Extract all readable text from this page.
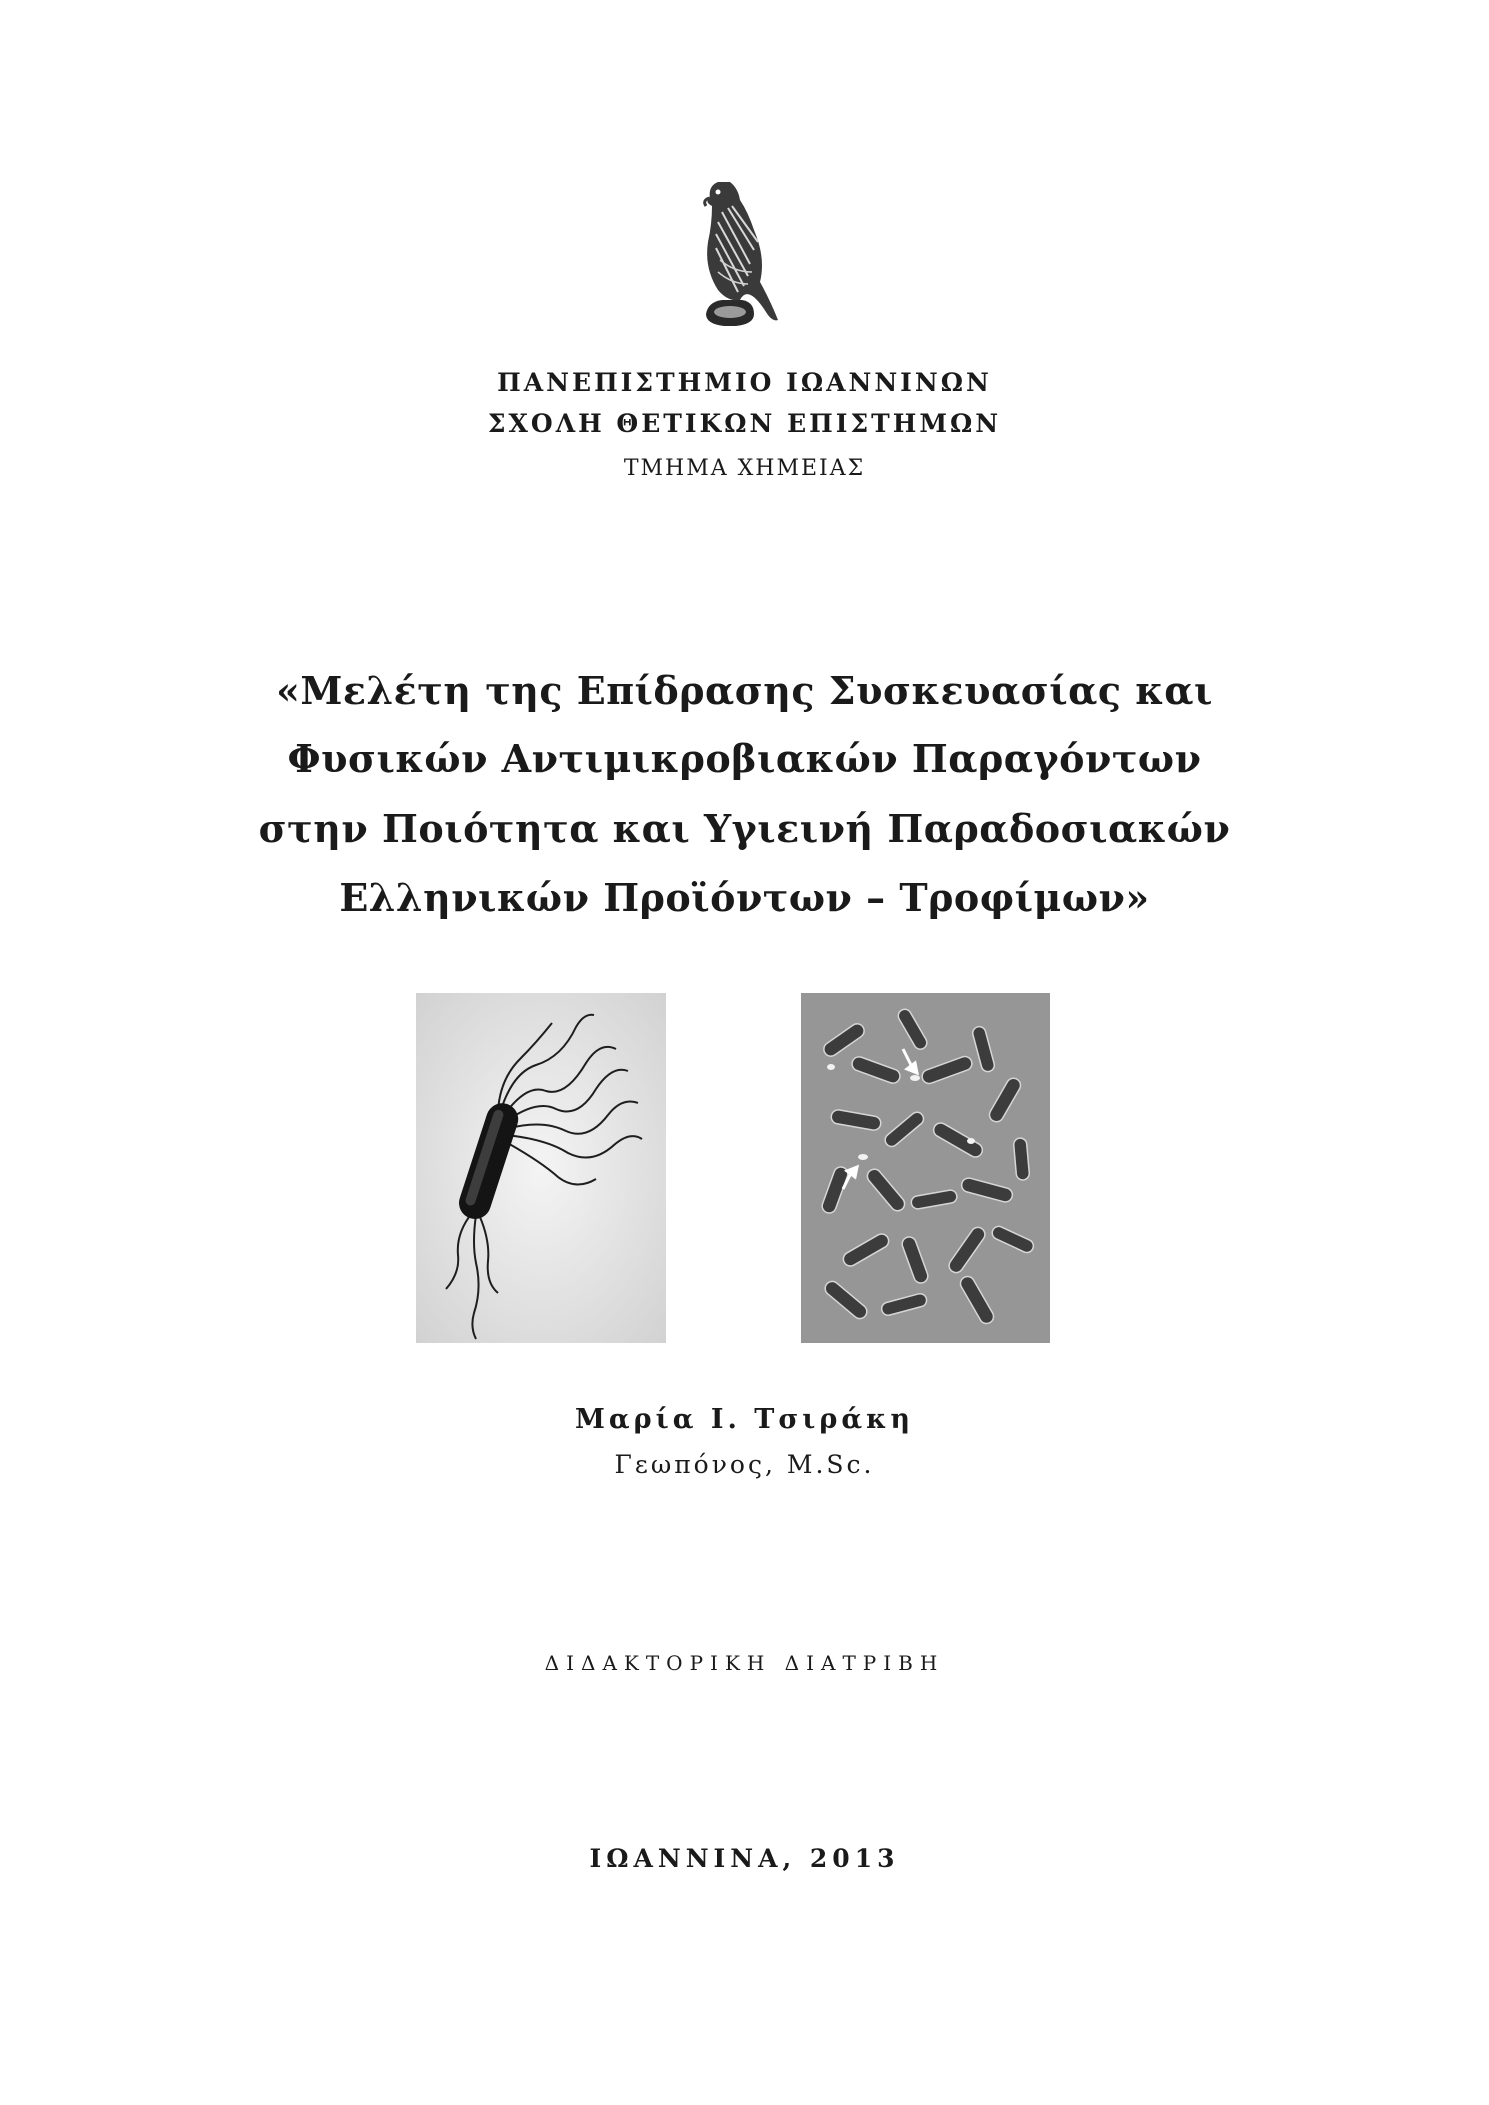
ΠΑΝΕΠΙΣΤΗΜΙΟ ΙΩΑΝΝΙΝΩΝ
ΣΧΟΛΗ ΘΕΤΙΚΩΝ ΕΠΙΣΤΗΜΩΝ
ΤΜΗΜΑ ΧΗΜΕΙΑΣ
«Μελέτη της Επίδρασης Συσκευασίας και
Φυσικών Αντιμικροβιακών Παραγόντων
στην Ποιότητα και Υγιεινή Παραδοσιακών
Ελληνικών Προϊόντων – Τροφίμων»
Μαρία Ι. Τσιράκη
Γεωπόνος, M.Sc.
ΔΙΔΑΚΤΟΡΙΚΗ ΔΙΑΤΡΙΒΗ
ΙΩΑΝΝΙΝΑ, 2013
